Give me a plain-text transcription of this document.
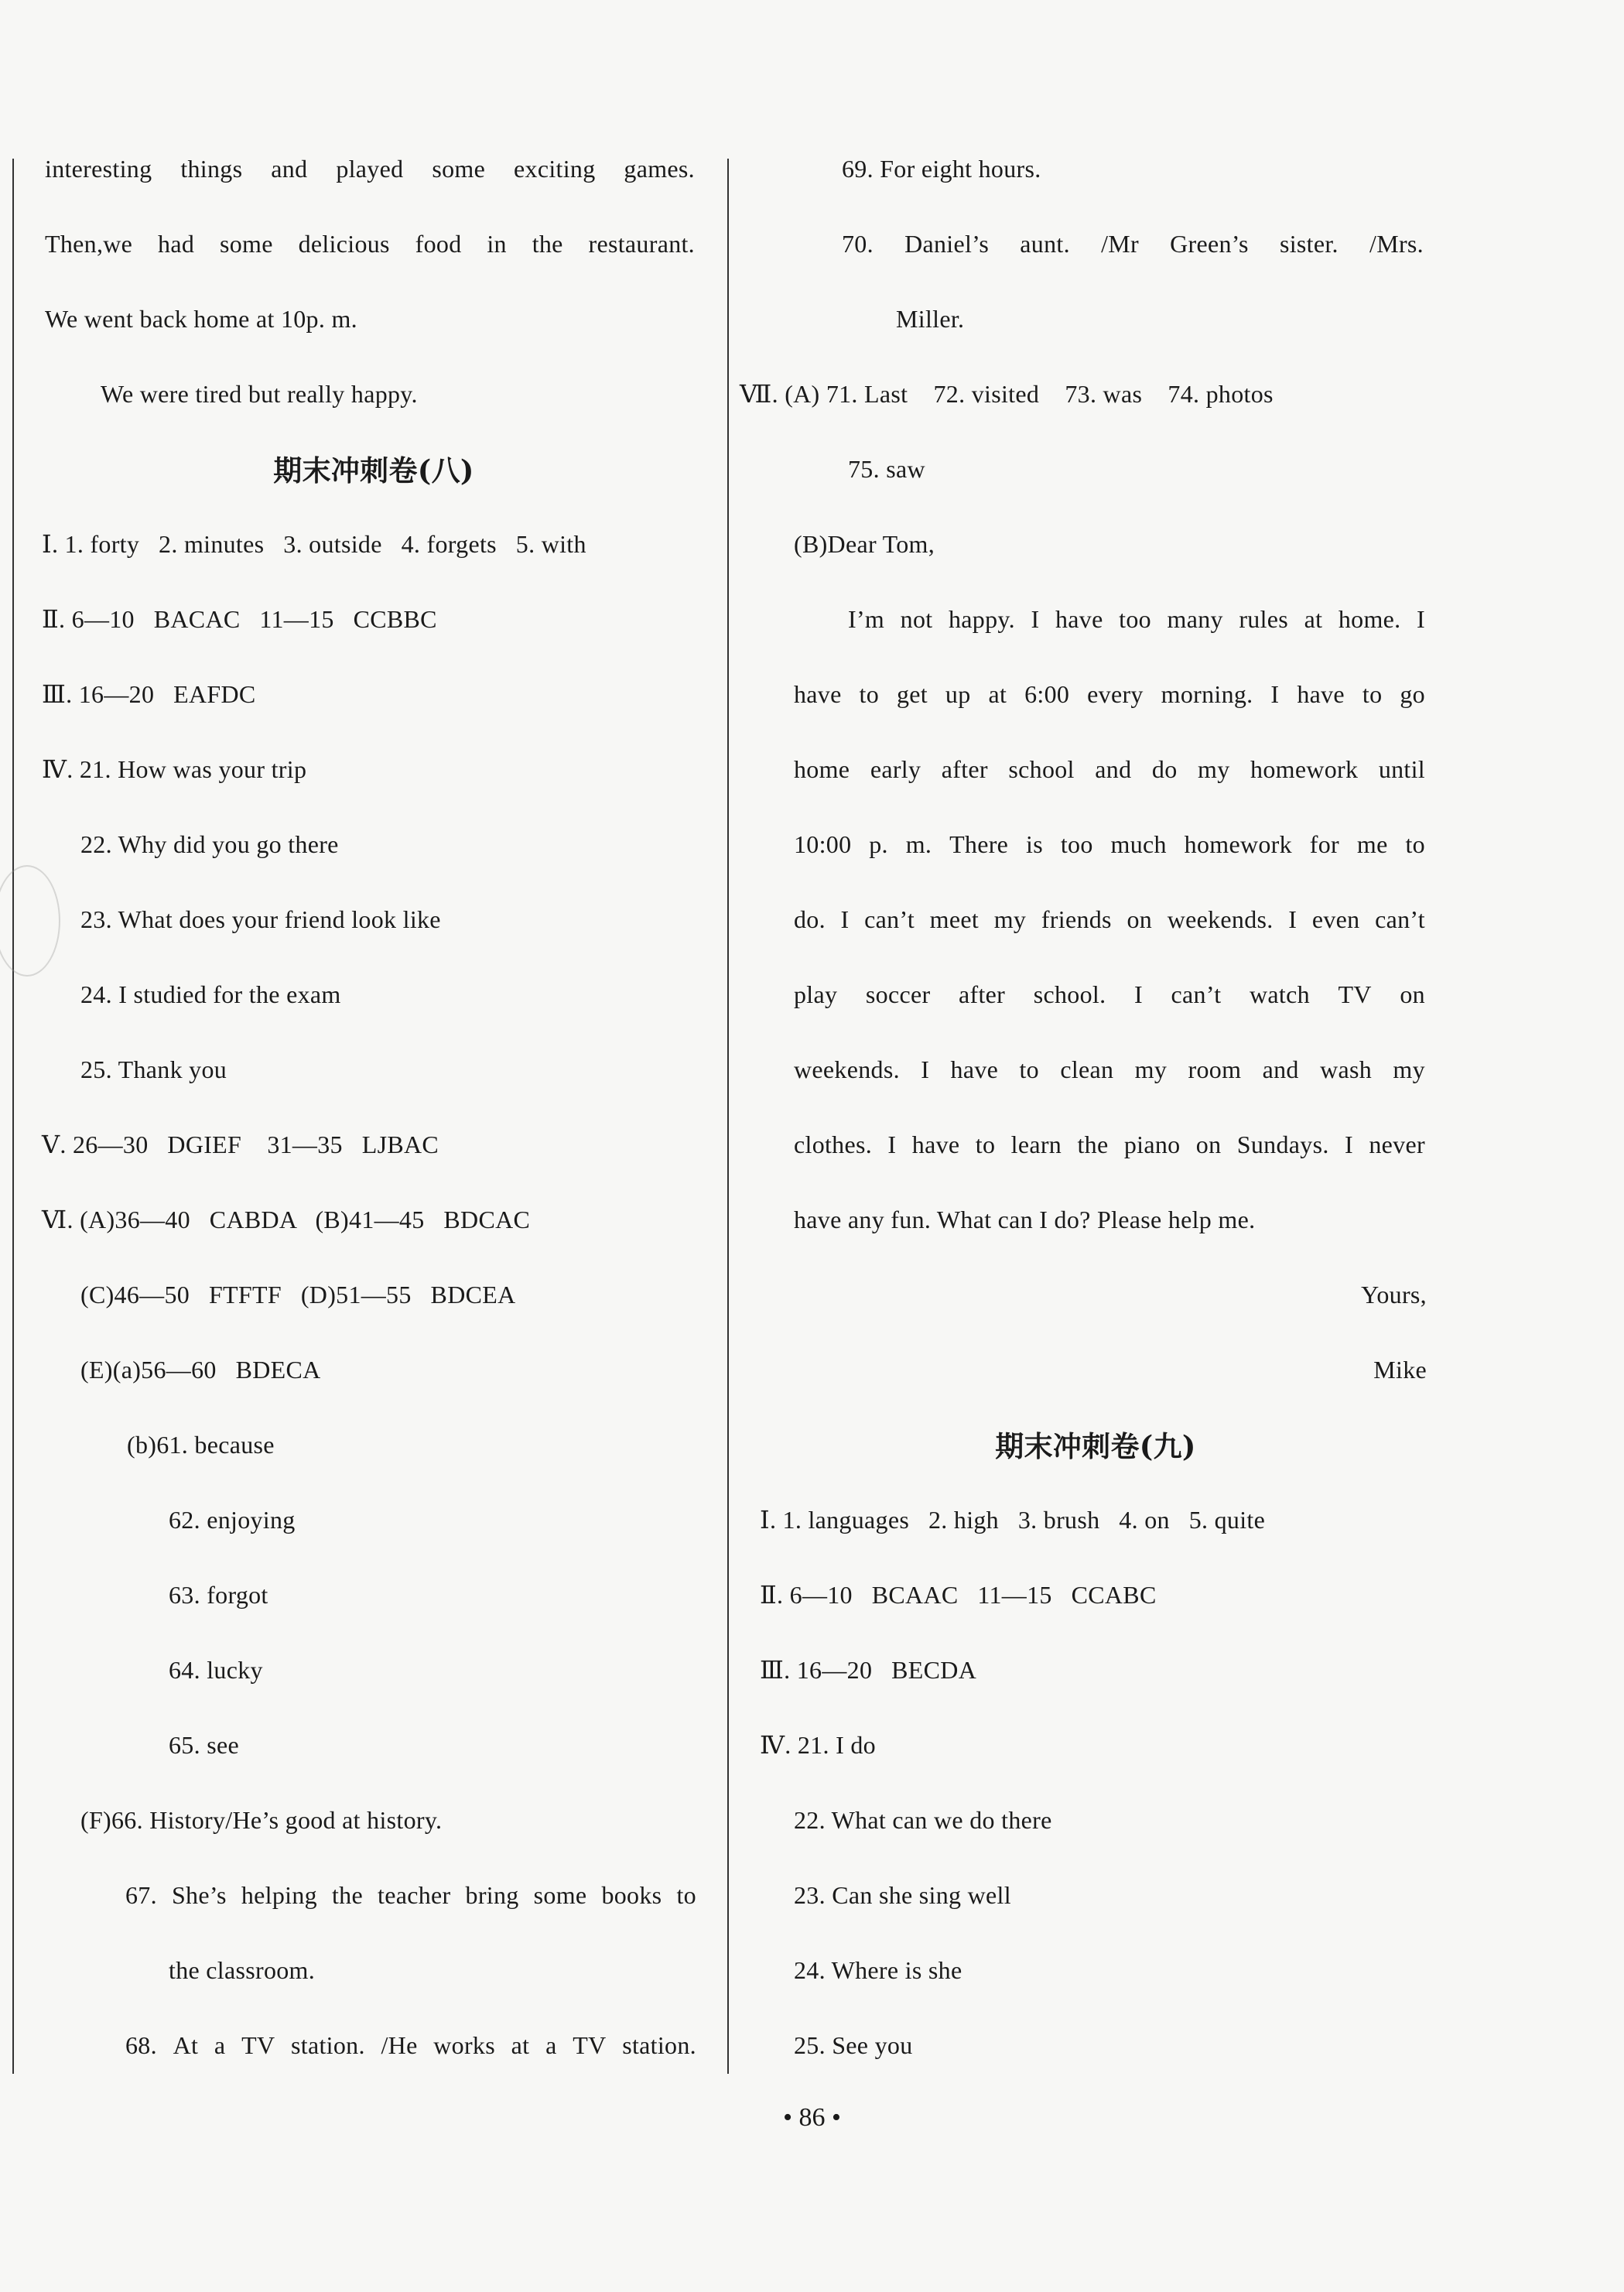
interesting things and played some exciting games.
Then,we had some delicious food in the restaurant.
We went back home at 10p. m.
We were tired but really happy.
期末冲刺卷(八)
Ⅰ. 1. forty   2. minutes   3. outside   4. forgets   5. with
Ⅱ. 6—10   BACAC   11—15   CCBBC
Ⅲ. 16—20   EAFDC
Ⅳ. 21. How was your trip
22. Why did you go there
23. What does your friend look like
24. I studied for the exam
25. Thank you
Ⅴ. 26—30   DGIEF    31—35   LJBAC
Ⅵ. (A)36—40   CABDA   (B)41—45   BDCAC
(C)46—50   FTFTF   (D)51—55   BDCEA
(E)(a)56—60   BDECA
(b)61. because
62. enjoying
63. forgot
64. lucky
65. see
(F)66. History/He’s good at history.
67. She’s helping the teacher bring some books to
the classroom.
68. At a TV station. /He works at a TV station.
69. For eight hours.
70. Daniel’s aunt. /Mr Green’s sister. /Mrs.
Miller.
Ⅶ. (A) 71. Last    72. visited    73. was    74. photos
75. saw
(B)Dear Tom,
I’m not happy. I have too many rules at home. I
have to get up at 6:00 every morning. I have to go
home early after school and do my homework until
10:00 p. m. There is too much homework for me to
do. I can’t meet my friends on weekends. I even can’t
play soccer after school. I can’t watch TV on
weekends. I have to clean my room and wash my
clothes. I have to learn the piano on Sundays. I never
have any fun. What can I do? Please help me.
Yours,
Mike
期末冲刺卷(九)
Ⅰ. 1. languages   2. high   3. brush   4. on   5. quite
Ⅱ. 6—10   BCAAC   11—15   CCABC
Ⅲ. 16—20   BECDA
Ⅳ. 21. I do
22. What can we do there
23. Can she sing well
24. Where is she
25. See you
• 86 •
